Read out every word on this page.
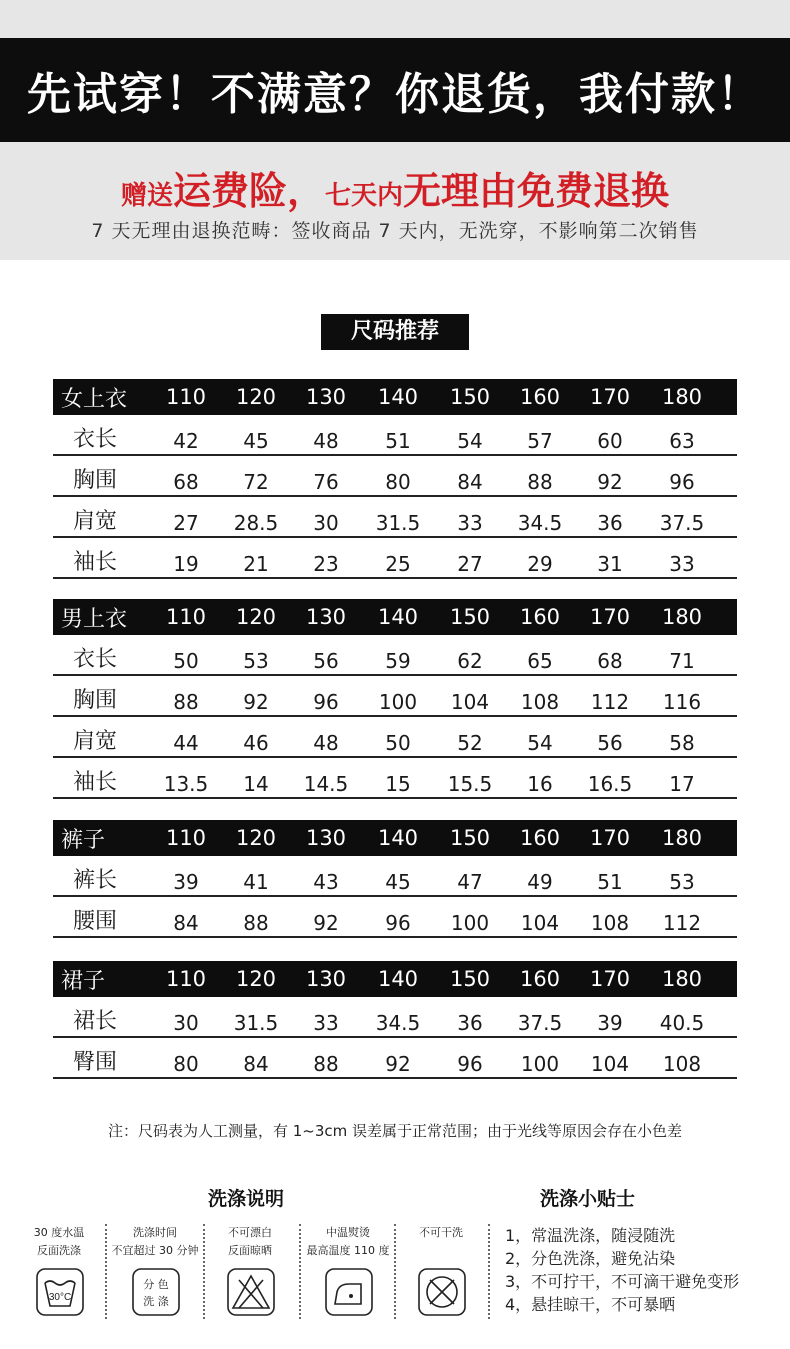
先试穿！不满意？你退货，我付款！
赠送运费险，七天内无理由免费退换
7 天无理由退换范畴：签收商品 7 天内，无洗穿，不影响第二次销售
尺码推荐
女上衣	110	120	130	140	150	160	170	180
衣长	42	45	48	51	54	57	60	63
胸围	68	72	76	80	84	88	92	96
肩宽	27	28.5	30	31.5	33	34.5	36	37.5
袖长	19	21	23	25	27	29	31	33
男上衣	110	120	130	140	150	160	170	180
衣长	50	53	56	59	62	65	68	71
胸围	88	92	96	100	104	108	112	116
肩宽	44	46	48	50	52	54	56	58
袖长	13.5	14	14.5	15	15.5	16	16.5	17
裤子	110	120	130	140	150	160	170	180
裤长	39	41	43	45	47	49	51	53
腰围	84	88	92	96	100	104	108	112
裙子	110	120	130	140	150	160	170	180
裙长	30	31.5	33	34.5	36	37.5	39	40.5
臀围	80	84	88	92	96	100	104	108
注：尺码表为人工测量，有 1~3cm 误差属于正常范围；由于光线等原因会存在小色差
洗涤说明	洗涤小贴士
30 度水温
反面洗涤
30°C
洗涤时间
不宜超过 30 分钟
分 色
洗 涤
不可漂白
反面晾晒
中温熨烫
最高温度 110 度
不可干洗	1，常温洗涤，随浸随洗
2，分色洗涤，避免沾染
3，不可拧干，不可滴干避免变形
4，悬挂晾干，不可暴晒
